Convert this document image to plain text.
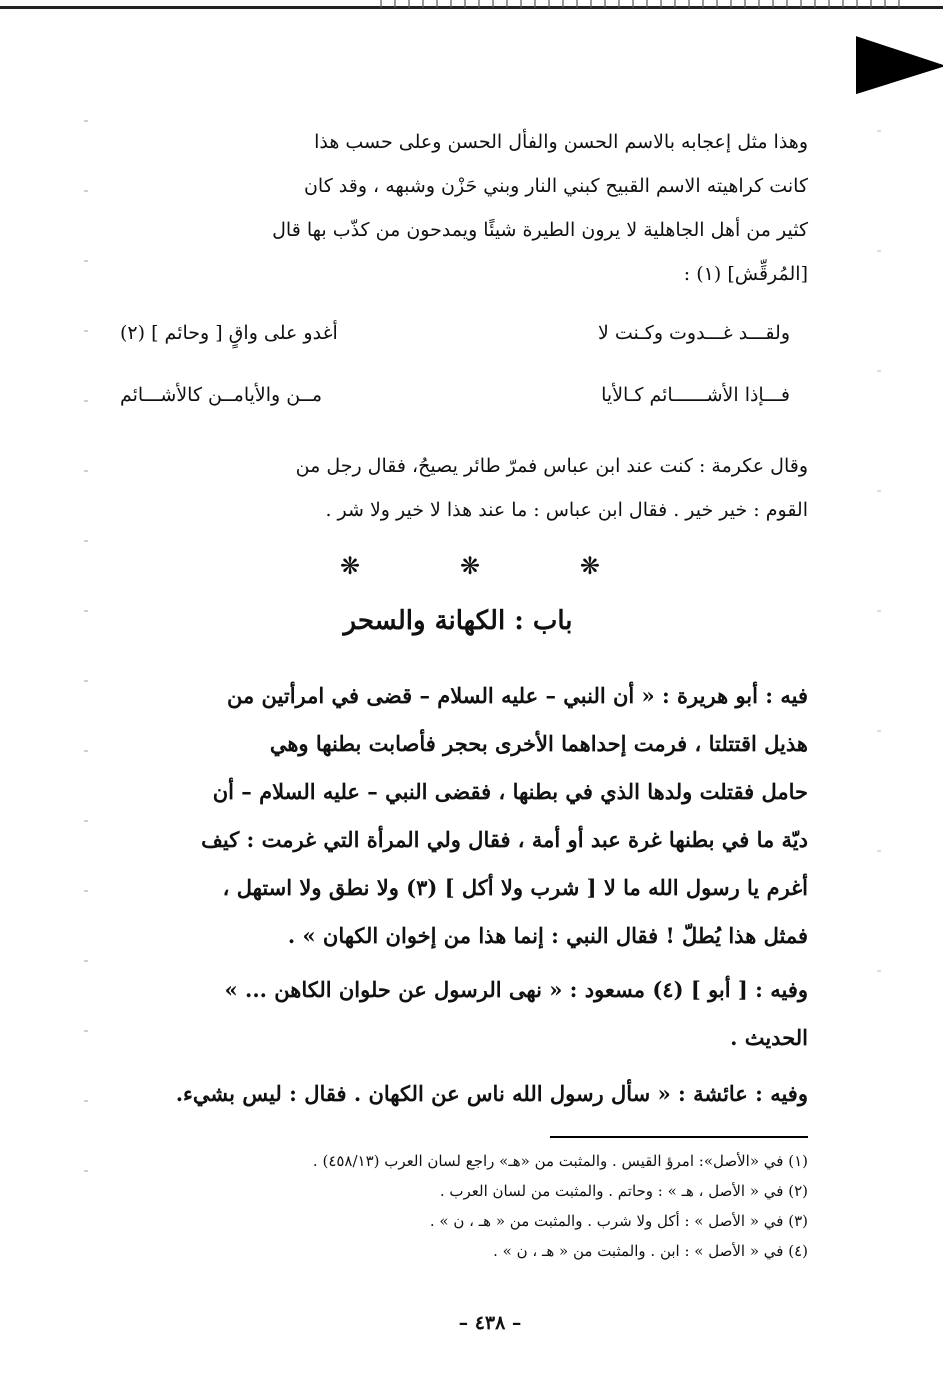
وهذا مثل إعجابه بالاسم الحسن والفأل الحسن وعلى حسب هذا

كانت كراهيته الاسم القبيح كبني النار وبني حَزْن وشبهه ، وقد كان

كثير من أهل الجاهلية لا يرون الطيرة شيئًا ويمدحون من كذّب بها قال

[المُرقِّش] (١) :

ولقـــد غـــدوت وكـنت لا
أغدو على واقٍ [ وحائم ] (٢)
فـــإذا الأشــــــائم كـالأيا
مــن والأيامــن كالأشـــائم

وقال عكرمة : كنت عند ابن عباس فمرّ طائر يصيحُ، فقال رجل من

القوم : خير خير . فقال ابن عباس : ما عند هذا لا خير ولا شر .

❋	❋	❋
باب : الكهانة والسحر

فيه : أبو هريرة : « أن النبي – عليه السلام – قضى في امرأتين من

هذيل اقتتلتا ، فرمت إحداهما الأخرى بحجر فأصابت بطنها وهي

حامل فقتلت ولدها الذي في بطنها ، فقضى النبي – عليه السلام – أن

ديّة ما في بطنها غرة عبد أو أمة ، فقال ولي المرأة التي غرمت : كيف

أغرم يا رسول الله ما لا [ شرب ولا أكل ] (٣) ولا نطق ولا استهل ،

فمثل هذا يُطلّ ! فقال النبي : إنما هذا من إخوان الكهان » .

وفيه : [ أبو ] (٤) مسعود : « نهى الرسول عن حلوان الكاهن ... »

الحديث .

وفيه : عائشة : « سأل رسول الله ناس عن الكهان . فقال : ليس بشيء.

(١) في «الأصل»: امرؤ القيس . والمثبت من «هـ» راجع لسان العرب (٤٥٨/١٣) .
(٢) في « الأصل ، هـ » : وحاتم . والمثبت من لسان العرب .
(٣) في « الأصل » : أكل ولا شرب . والمثبت من « هـ ، ن » .
(٤) في « الأصل » : ابن . والمثبت من « هـ ، ن » .
– ٤٣٨ –
